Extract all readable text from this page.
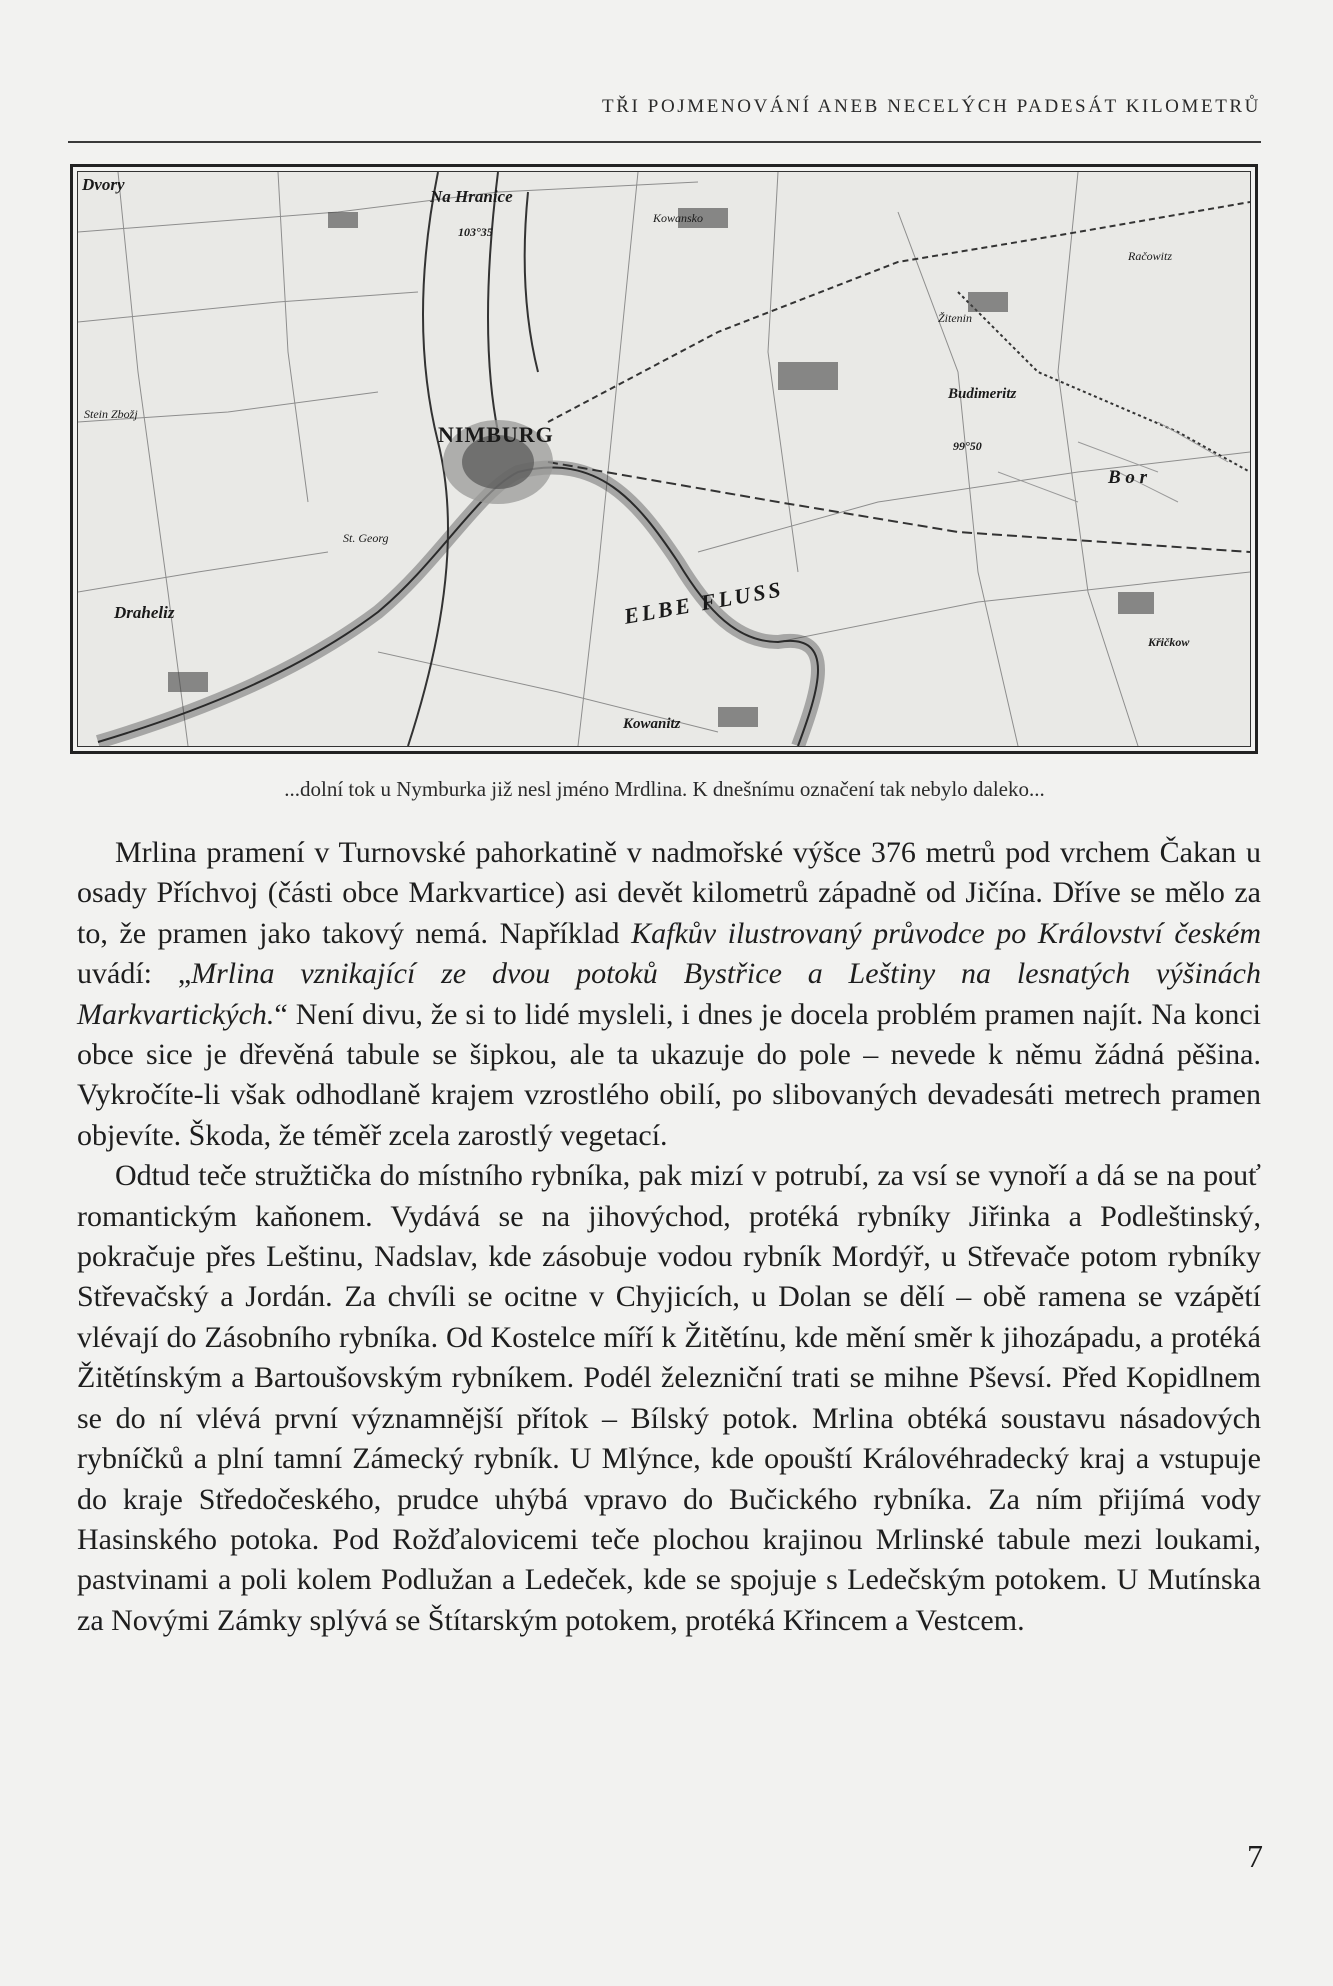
TŘI POJMENOVÁNÍ ANEB NECELÝCH PADESÁT KILOMETRŮ
Dvory
Na Hranice
103°35
Kowansko
Račowitz
Žitenin
Budimeritz
99°50
B o r
Stein Zbožj
NIMBURG
ELBE FLUSS
Draheliz
Křičkow
Kowanitz
St. Georg
...dolní tok u Nymburka již nesl jméno Mrdlina. K dnešnímu označení tak nebylo daleko...

Mrlina pramení v Turnovské pahorkatině v nadmořské výšce 376 metrů pod vrchem Čakan u osady Příchvoj (části obce Markvartice) asi devět kilometrů západně od Jičína. Dříve se mělo za to, že pramen jako takový nemá. Například Kafkův ilustrovaný průvodce po Království českém uvádí: „Mrlina vznikající ze dvou potoků Bystřice a Leštiny na lesnatých výšinách Markvartických.“ Není divu, že si to lidé mysleli, i dnes je docela problém pramen najít. Na konci obce sice je dřevěná tabule se šipkou, ale ta ukazuje do pole – nevede k němu žádná pěšina. Vykročíte-li však odhodlaně krajem vzrostlého obilí, po slibovaných devadesáti metrech pramen objevíte. Škoda, že téměř zcela zarostlý vegetací.

Odtud teče stružtička do místního rybníka, pak mizí v potrubí, za vsí se vynoří a dá se na pouť romantickým kaňonem. Vydává se na jihovýchod, protéká rybníky Jiřinka a Podleštinský, pokračuje přes Leštinu, Nadslav, kde zásobuje vodou rybník Mordýř, u Střevače potom rybníky Střevačský a Jordán. Za chvíli se ocitne v Chyjicích, u Dolan se dělí – obě ramena se vzápětí vlévají do Zásobního rybníka. Od Kostelce míří k Žitětínu, kde mění směr k jihozápadu, a protéká Žitětínským a Bartoušovským rybníkem. Podél železniční trati se mihne Pševsí. Před Kopidlnem se do ní vlévá první významnější přítok – Bílský potok. Mrlina obtéká soustavu násadových rybníčků a plní tamní Zámecký rybník. U Mlýnce, kde opouští Královéhradecký kraj a vstupuje do kraje Středočeského, prudce uhýbá vpravo do Bučického rybníka. Za ním přijímá vody Hasinského potoka. Pod Rožďalovicemi teče plochou krajinou Mrlinské tabule mezi loukami, pastvinami a poli kolem Podlužan a Ledeček, kde se spojuje s Ledečským potokem. U Mutínska za Novými Zámky splývá se Štítarským potokem, protéká Křincem a Vestcem.

7
